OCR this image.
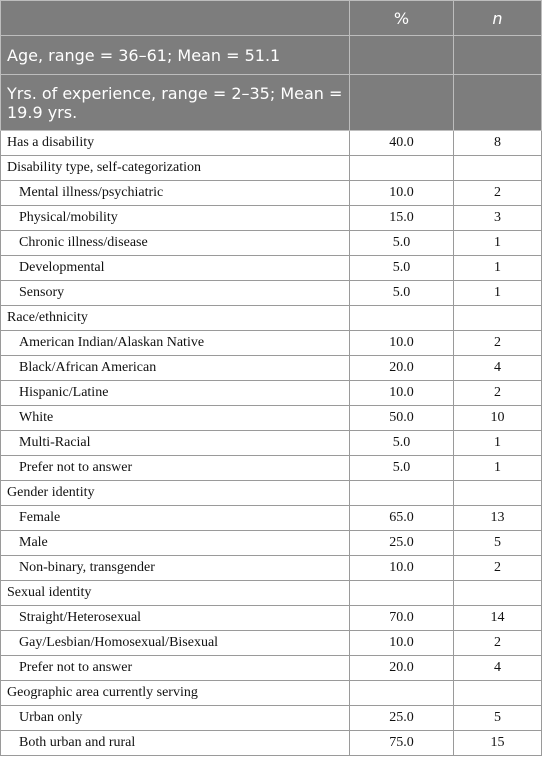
	%	n
Age, range = 36–61; Mean = 51.1		
Yrs. of experience, range = 2–35; Mean = 19.9 yrs.		
Has a disability	40.0	8
Disability type, self-categorization		
Mental illness/psychiatric	10.0	2
Physical/mobility	15.0	3
Chronic illness/disease	5.0	1
Developmental	5.0	1
Sensory	5.0	1
Race/ethnicity		
American Indian/Alaskan Native	10.0	2
Black/African American	20.0	4
Hispanic/Latine	10.0	2
White	50.0	10
Multi-Racial	5.0	1
Prefer not to answer	5.0	1
Gender identity		
Female	65.0	13
Male	25.0	5
Non-binary, transgender	10.0	2
Sexual identity		
Straight/Heterosexual	70.0	14
Gay/Lesbian/Homosexual/Bisexual	10.0	2
Prefer not to answer	20.0	4
Geographic area currently serving		
Urban only	25.0	5
Both urban and rural	75.0	15
